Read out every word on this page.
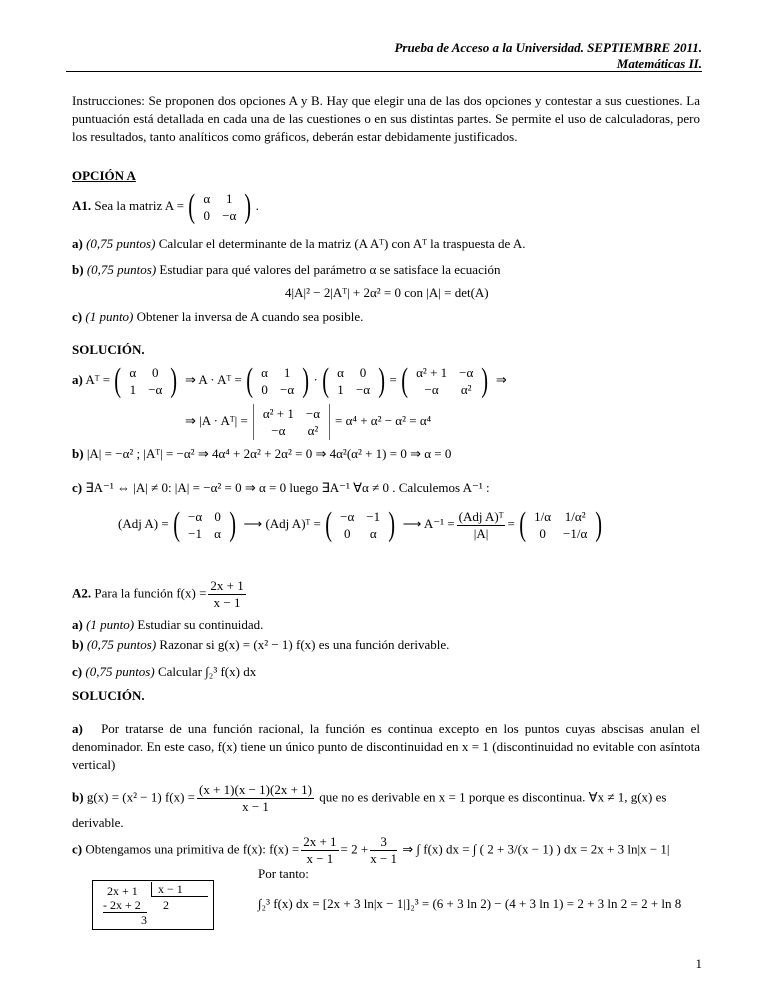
Prueba de Acceso a la Universidad. SEPTIEMBRE 2011.
Matemáticas II.
Instrucciones: Se proponen dos opciones A y B. Hay que elegir una de las dos opciones y contestar a sus cuestiones. La puntuación está detallada en cada una de las cuestiones o en sus distintas partes. Se permite el uso de calculadoras, pero los resultados, tanto analíticos como gráficos, deberán estar debidamente justificados.
OPCIÓN A
A1. Sea la matriz A = ( α	1
0	−α ) .
a) (0,75 puntos) Calcular el determinante de la matriz (A Aᵀ) con Aᵀ la traspuesta de A.
b) (0,75 puntos) Estudiar para qué valores del parámetro α se satisface la ecuación
4|A|² − 2|Aᵀ| + 2α² = 0 con |A| = det(A)
c) (1 punto) Obtener la inversa de A cuando sea posible.
SOLUCIÓN.
a) Aᵀ = ( α	0
1	−α ) ⇒ A · Aᵀ = ( α	1
0	−α ) · ( α	0
1	−α ) = ( α² + 1	−α
−α	α² ) ⇒
⇒ |A · Aᵀ| = α² + 1	−α
−α	α²
= α⁴ + α² − α² = α⁴
b) |A| = −α² ; |Aᵀ| = −α² ⇒ 4α⁴ + 2α² + 2α² = 0 ⇒ 4α²(α² + 1) = 0 ⇒ α = 0
c) ∃A⁻¹ ⇔ |A| ≠ 0: |A| = −α² = 0 ⇒ α = 0 luego ∃A⁻¹ ∀α ≠ 0 . Calculemos A⁻¹ :
(Adj A) = ( −α	0
−1	α ) ⟶ (Adj A)ᵀ = ( −α	−1
0	α ) ⟶ $A^{-1} = \frac{\text{(Adj A)ᵀ}}{|A|}$ = ( 1/α	1/α²
0	−1/α )
A2. Para la función $f(x) = \frac{2x + 1}{x - 1}$
a) (1 punto) Estudiar su continuidad.
b) (0,75 puntos) Razonar si g(x) = (x² − 1) f(x) es una función derivable.
c) (0,75 puntos) Calcular ∫₂³ f(x) dx
SOLUCIÓN.
a) Por tratarse de una función racional, la función es continua excepto en los puntos cuyas abscisas anulan el denominador. En este caso, f(x) tiene un único punto de discontinuidad en x = 1 (discontinuidad no evitable con asíntota vertical)
b) g(x) = (x² − 1) $f(x) = \frac{(x + 1)(x - 1)(2x + 1)}{x - 1}$ que no es derivable en x = 1 porque es discontinua. ∀x ≠ 1, g(x) es
derivable.
c) Obtengamos una primitiva de f(x): $f(x) = \frac{2x + 1}{x - 1} = 2 + \frac{3}{x - 1}$ ⇒ ∫ f(x) dx = ∫ ( 2 + 3/(x − 1) ) dx = 2x + 3 ln|x − 1|
Por tanto:
∫₂³ f(x) dx = [2x + 3 ln|x − 1|]₂³ = (6 + 3 ln 2) − (4 + 3 ln 1) = 2 + 3 ln 2 = 2 + ln 8
2x + 1	x − 1
- 2x + 2 2
3
1
